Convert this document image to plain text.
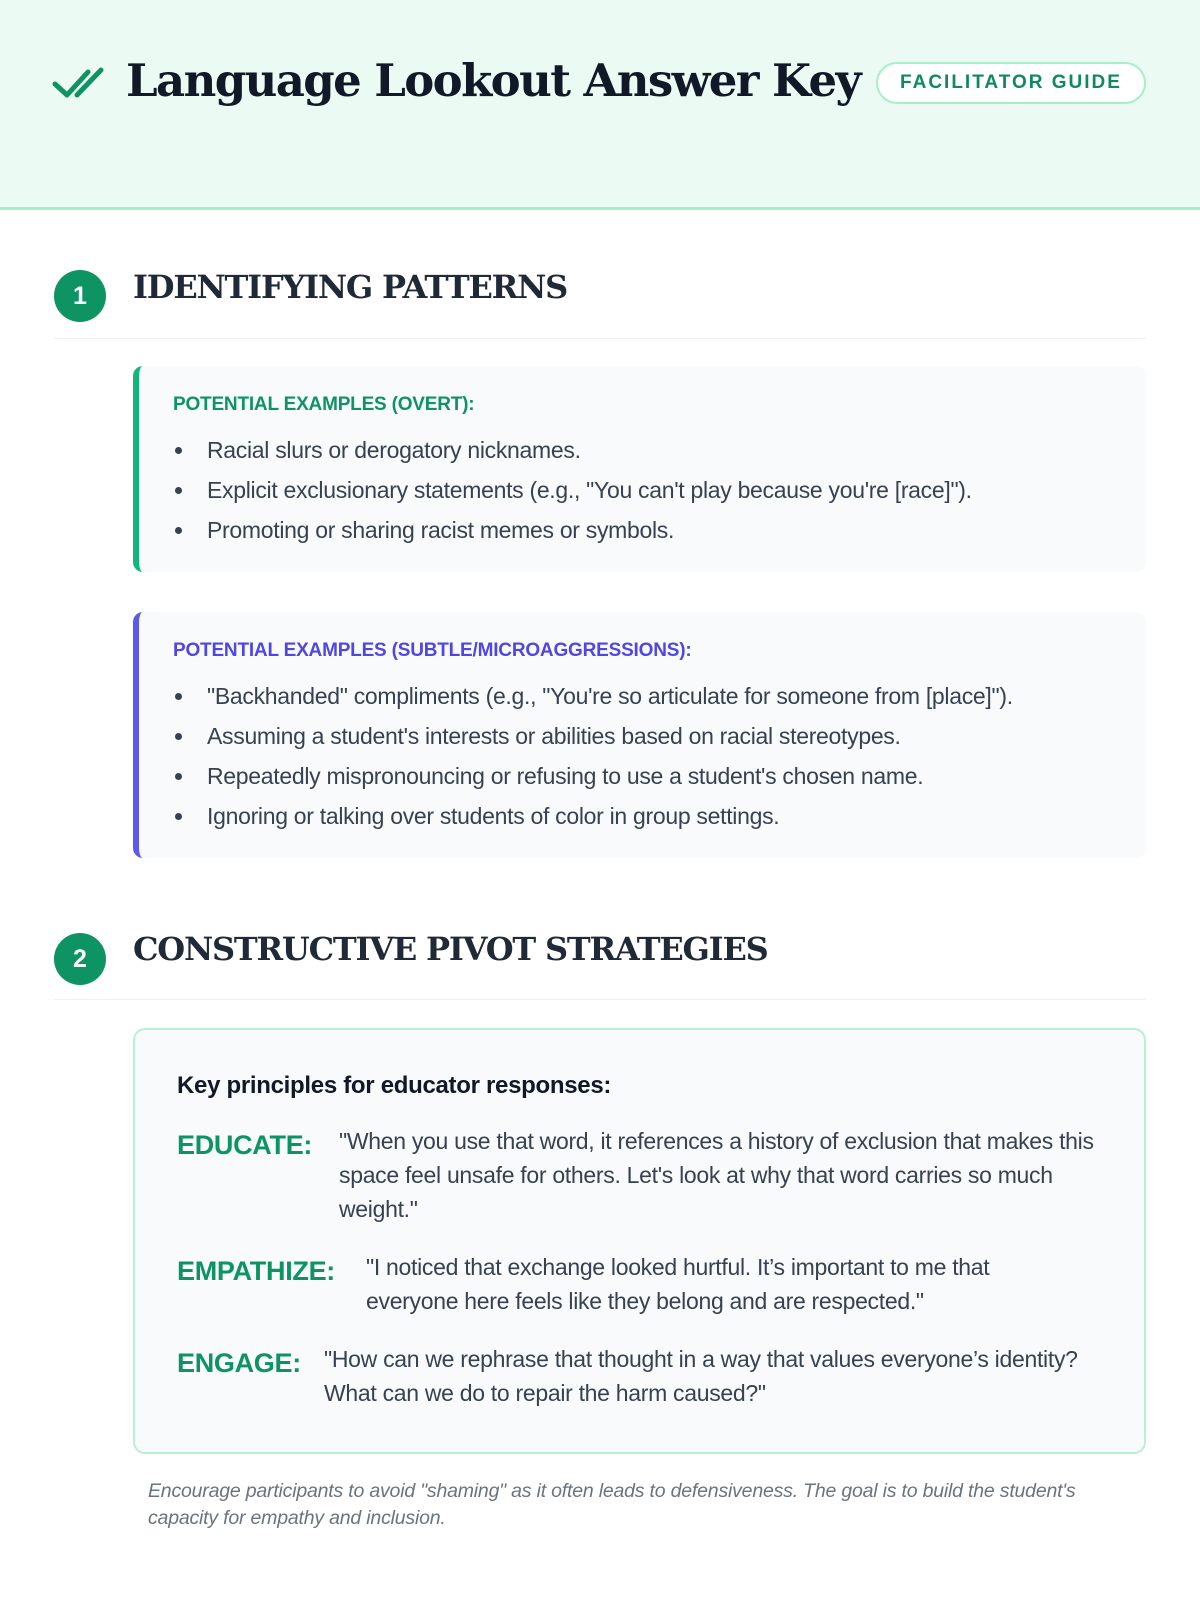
Language Lookout Answer Key	FACILITATOR GUIDE
1	IDENTIFYING PATTERNS
POTENTIAL EXAMPLES (OVERT):
Racial slurs or derogatory nicknames.
Explicit exclusionary statements (e.g., "You can't play because you're [race]").
Promoting or sharing racist memes or symbols.
POTENTIAL EXAMPLES (SUBTLE/MICROAGGRESSIONS):
"Backhanded" compliments (e.g., "You're so articulate for someone from [place]").
Assuming a student's interests or abilities based on racial stereotypes.
Repeatedly mispronouncing or refusing to use a student's chosen name.
Ignoring or talking over students of color in group settings.
2	CONSTRUCTIVE PIVOT STRATEGIES
Key principles for educator responses:
EDUCATE: "When you use that word, it references a history of exclusion that makes this space feel unsafe for others. Let's look at why that word carries so much weight."
EMPATHIZE: "I noticed that exchange looked hurtful. It’s important to me that everyone here feels like they belong and are respected."
ENGAGE: "How can we rephrase that thought in a way that values everyone’s identity? What can we do to repair the harm caused?"
Encourage participants to avoid "shaming" as it often leads to defensiveness. The goal is to build the student's capacity for empathy and inclusion.
